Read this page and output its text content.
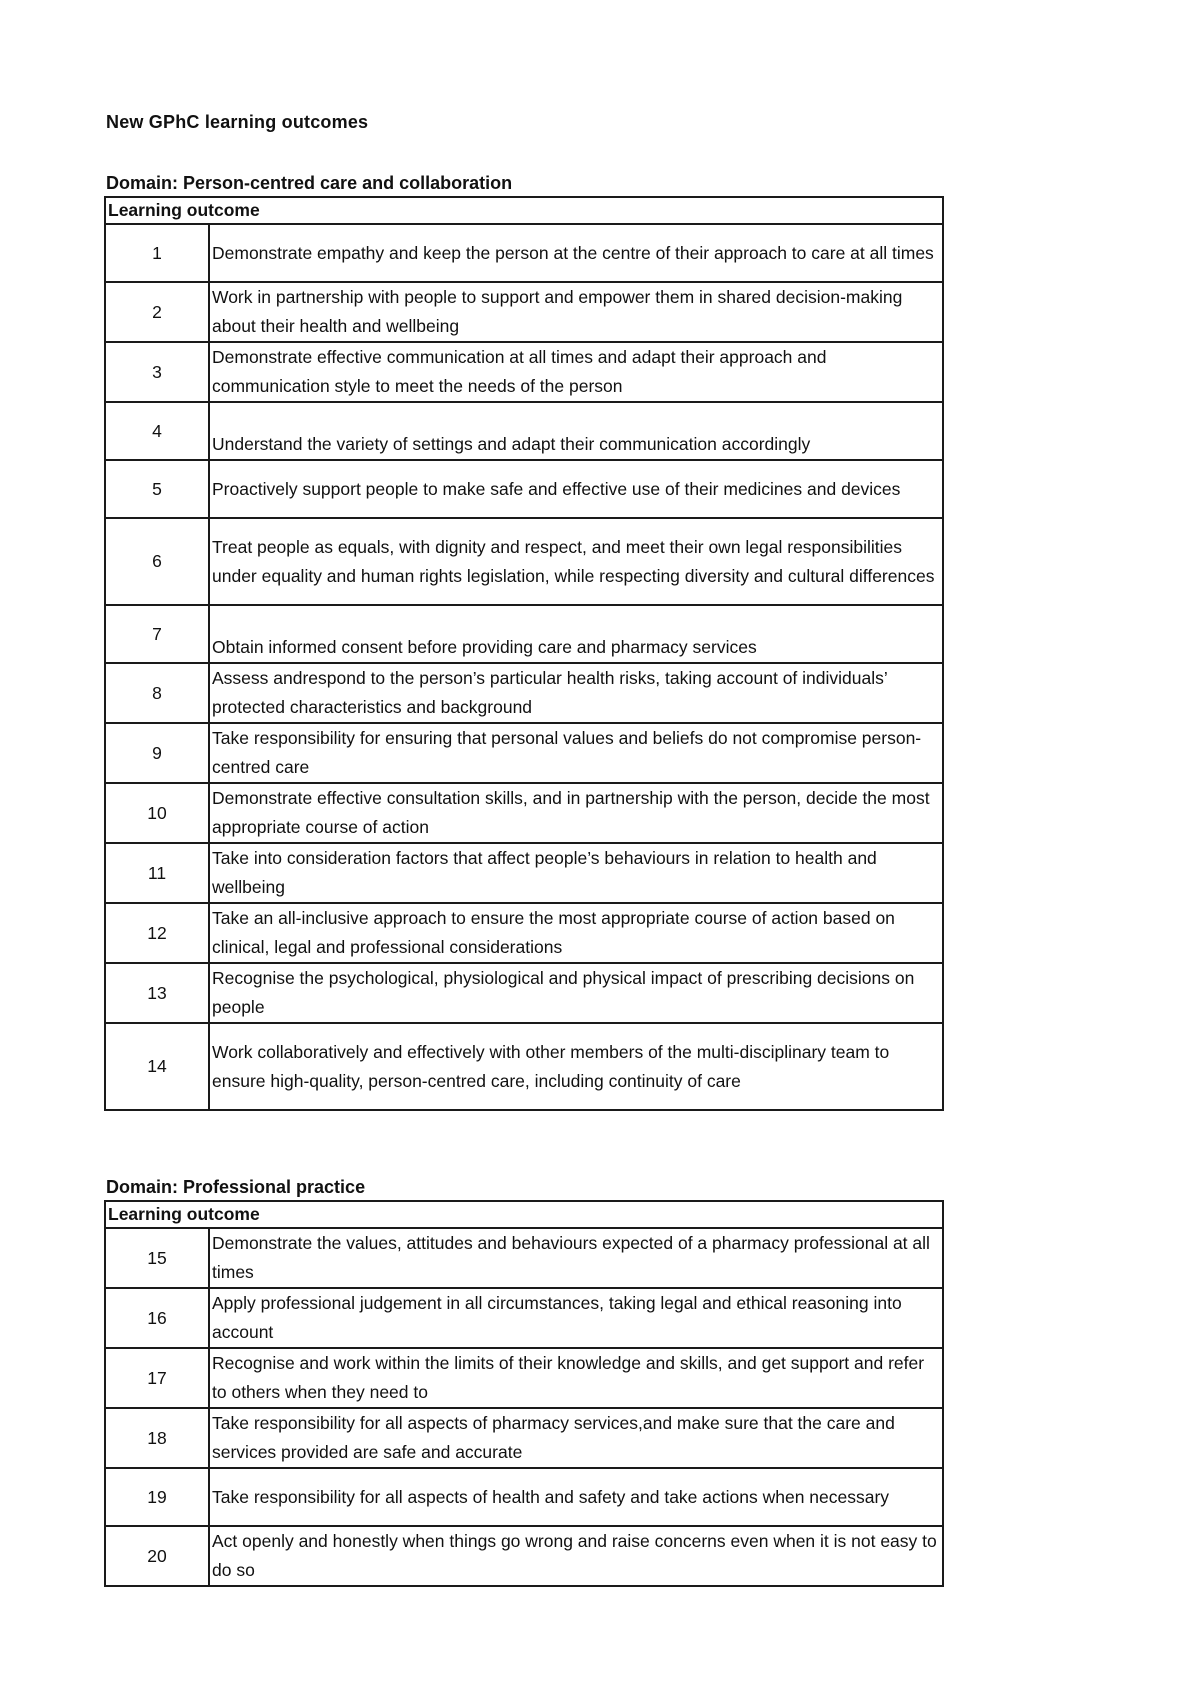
New GPhC learning outcomes
Domain: Person-centred care and collaboration
Learning outcome	
1	Demonstrate empathy and keep the person at the centre of their approach to care at all times
2	Work in partnership with people to support and empower them in shared decision-making about their health and wellbeing
3	Demonstrate effective communication at all times and adapt their approach and communication style to meet the needs of the person
4	Understand the variety of settings and adapt their communication accordingly
5	Proactively support people to make safe and effective use of their medicines and devices
6	Treat people as equals, with dignity and respect, and meet their own legal responsibilities under equality and human rights legislation, while respecting diversity and cultural differences
7	Obtain informed consent before providing care and pharmacy services
8	Assess andrespond to the person’s particular health risks, taking account of individuals’ protected characteristics and background
9	Take responsibility for ensuring that personal values and beliefs do not compromise person-centred care
10	Demonstrate effective consultation skills, and in partnership with the person, decide the most appropriate course of action
11	Take into consideration factors that affect people’s behaviours in relation to health and wellbeing
12	Take an all-inclusive approach to ensure the most appropriate course of action based on clinical, legal and professional considerations
13	Recognise the psychological, physiological and physical impact of prescribing decisions on people
14	Work collaboratively and effectively with other members of the multi-disciplinary team to ensure high-quality, person-centred care, including continuity of care
Domain: Professional practice
Learning outcome	
15	Demonstrate the values, attitudes and behaviours expected of a pharmacy professional at all times
16	Apply professional judgement in all circumstances, taking legal and ethical reasoning into account
17	Recognise and work within the limits of their knowledge and skills, and get support and refer to others when they need to
18	Take responsibility for all aspects of pharmacy services,and make sure that the care and services provided are safe and accurate
19	Take responsibility for all aspects of health and safety and take actions when necessary
20	Act openly and honestly when things go wrong and raise concerns even when it is not easy to do so
